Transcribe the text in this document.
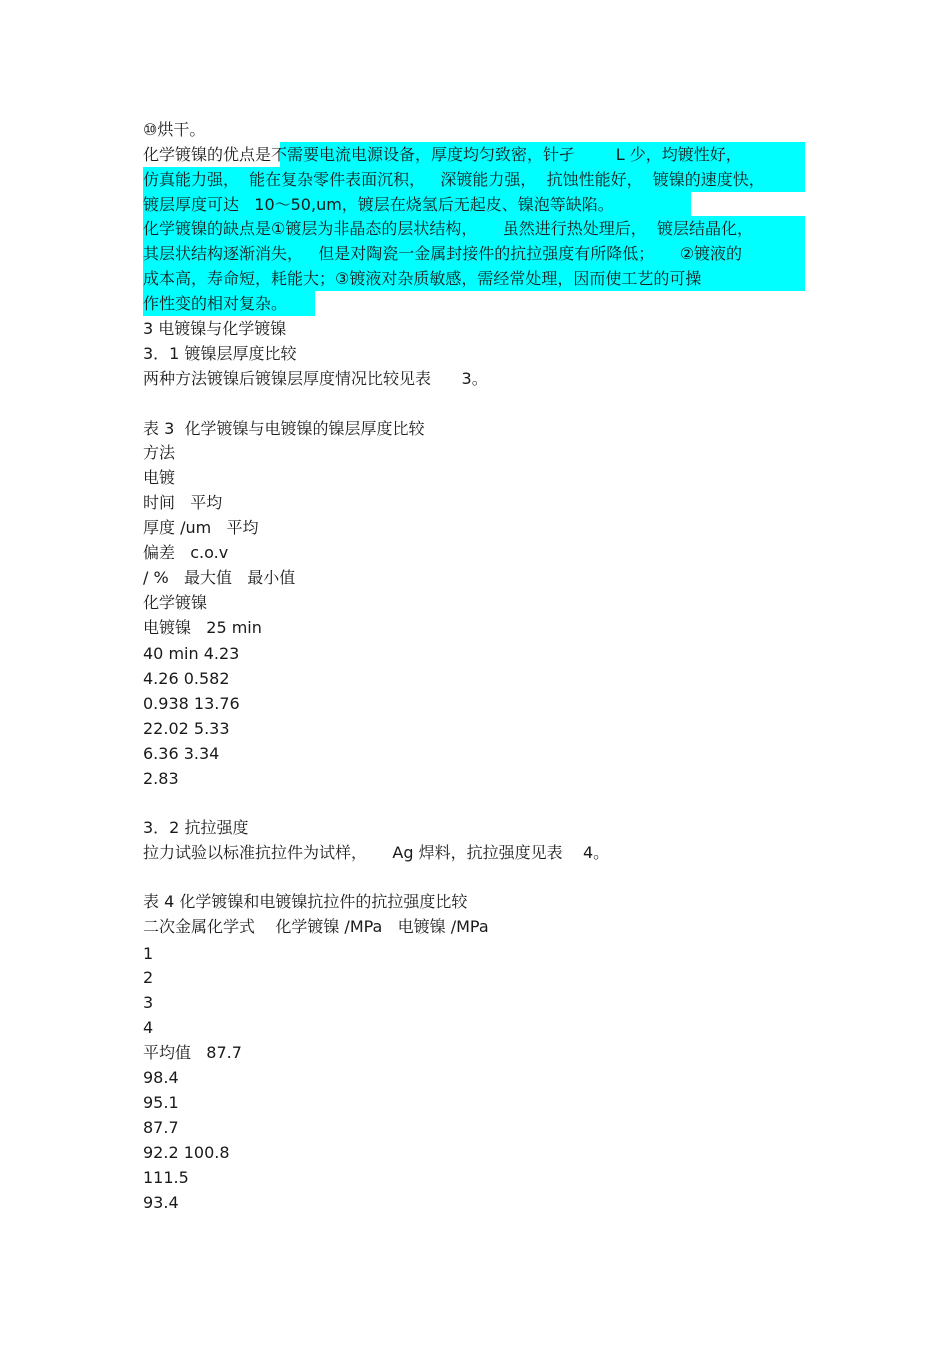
⑩烘干。
化学镀镍的优点是不需要电流电源设备，厚度均匀致密，针孑        L 少，均镀性好，
仿真能力强，  能在复杂零件表面沉积，   深镀能力强，  抗蚀性能好，  镀镍的速度快，
镀层厚度可达   10～50,um，镀层在烧氢后无起皮、镍泡等缺陷。
化学镀镍的缺点是①镀层为非晶态的层状结构，     虽然进行热处理后，  镀层结晶化，
其层状结构逐渐消失，   但是对陶瓷一金属封接件的抗拉强度有所降低；     ②镀液的
成本高，寿命短，耗能大；③镀液对杂质敏感，需经常处理，因而使工艺的可操
作性变的相对复杂。
3 电镀镍与化学镀镍
3．1 镀镍层厚度比较
两种方法镀镍后镀镍层厚度情况比较见表      3。
表 3  化学镀镍与电镀镍的镍层厚度比较
方法
电镀
时间   平均
厚度 /um   平均
偏差   c.o.v
/ %   最大值   最小值
化学镀镍
电镀镍   25 min
40 min 4.23
4.26 0.582
0.938 13.76
22.02 5.33
6.36 3.34
2.83
3．2 抗拉强度
拉力试验以标准抗拉件为试样，     Ag 焊料，抗拉强度见表    4。
表 4 化学镀镍和电镀镍抗拉件的抗拉强度比较
二次金属化学式    化学镀镍 /MPa   电镀镍 /MPa
1
2
3
4
平均值   87.7
98.4
95.1
87.7
92.2 100.8
111.5
93.4
